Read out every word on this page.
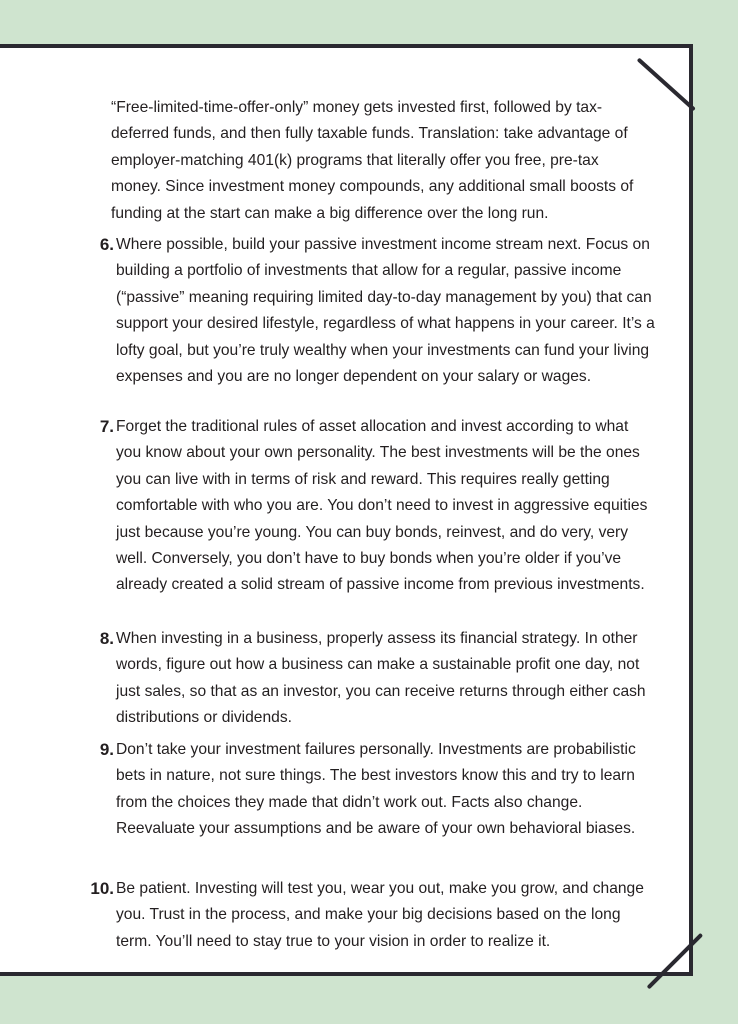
“Free-limited-time-offer-only” money gets invested first, followed by tax-deferred funds, and then fully taxable funds. Translation: take advantage of employer-matching 401(k) programs that literally offer you free, pre-tax money. Since investment money compounds, any additional small boosts of funding at the start can make a big difference over the long run.

6. Where possible, build your passive investment income stream next. Focus on building a portfolio of investments that allow for a regular, passive income (“passive” meaning requiring limited day-to-day management by you) that can support your desired lifestyle, regardless of what happens in your career. It’s a lofty goal, but you’re truly wealthy when your investments can fund your living expenses and you are no longer dependent on your salary or wages.

7. Forget the traditional rules of asset allocation and invest according to what you know about your own personality. The best investments will be the ones you can live with in terms of risk and reward. This requires really getting comfortable with who you are. You don’t need to invest in aggressive equities just because you’re young. You can buy bonds, reinvest, and do very, very well. Conversely, you don’t have to buy bonds when you’re older if you’ve already created a solid stream of passive income from previous investments.

8. When investing in a business, properly assess its financial strategy. In other words, figure out how a business can make a sustainable profit one day, not just sales, so that as an investor, you can receive returns through either cash distributions or dividends.

9. Don’t take your investment failures personally. Investments are probabilistic bets in nature, not sure things. The best investors know this and try to learn from the choices they made that didn’t work out. Facts also change. Reevaluate your assumptions and be aware of your own behavioral biases.

10. Be patient. Investing will test you, wear you out, make you grow, and change you. Trust in the process, and make your big decisions based on the long term. You’ll need to stay true to your vision in order to realize it.
